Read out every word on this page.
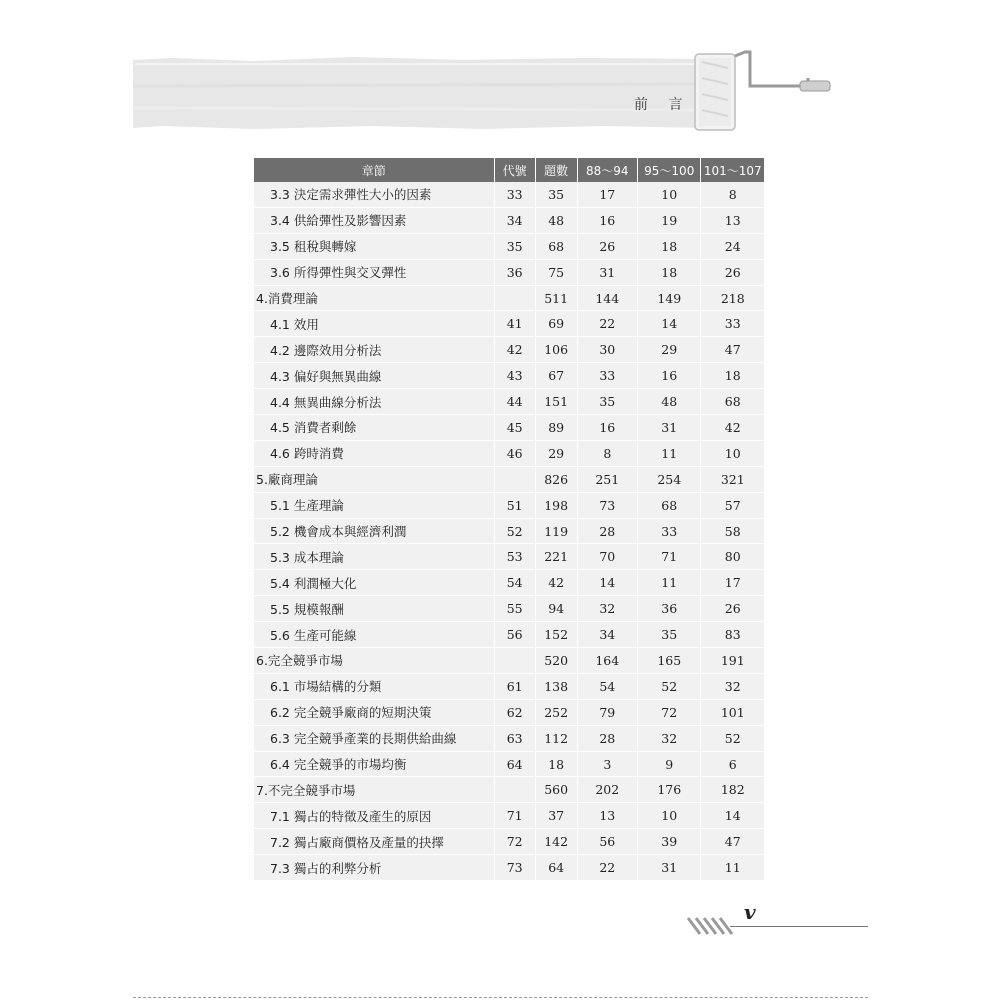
前 言
章節	代號	題數	88～94	95～100	101～107
3.3 決定需求彈性大小的因素	33	35	17	10	8
3.4 供給彈性及影響因素	34	48	16	19	13
3.5 租稅與轉嫁	35	68	26	18	24
3.6 所得彈性與交叉彈性	36	75	31	18	26
4.消費理論		511	144	149	218
4.1 效用	41	69	22	14	33
4.2 邊際效用分析法	42	106	30	29	47
4.3 偏好與無異曲線	43	67	33	16	18
4.4 無異曲線分析法	44	151	35	48	68
4.5 消費者剩餘	45	89	16	31	42
4.6 跨時消費	46	29	8	11	10
5.廠商理論		826	251	254	321
5.1 生產理論	51	198	73	68	57
5.2 機會成本與經濟利潤	52	119	28	33	58
5.3 成本理論	53	221	70	71	80
5.4 利潤極大化	54	42	14	11	17
5.5 規模報酬	55	94	32	36	26
5.6 生產可能線	56	152	34	35	83
6.完全競爭市場		520	164	165	191
6.1 市場結構的分類	61	138	54	52	32
6.2 完全競爭廠商的短期決策	62	252	79	72	101
6.3 完全競爭產業的長期供給曲線	63	112	28	32	52
6.4 完全競爭的市場均衡	64	18	3	9	6
7.不完全競爭市場		560	202	176	182
7.1 獨占的特徵及產生的原因	71	37	13	10	14
7.2 獨占廠商價格及產量的抉擇	72	142	56	39	47
7.3 獨占的利弊分析	73	64	22	31	11
v
